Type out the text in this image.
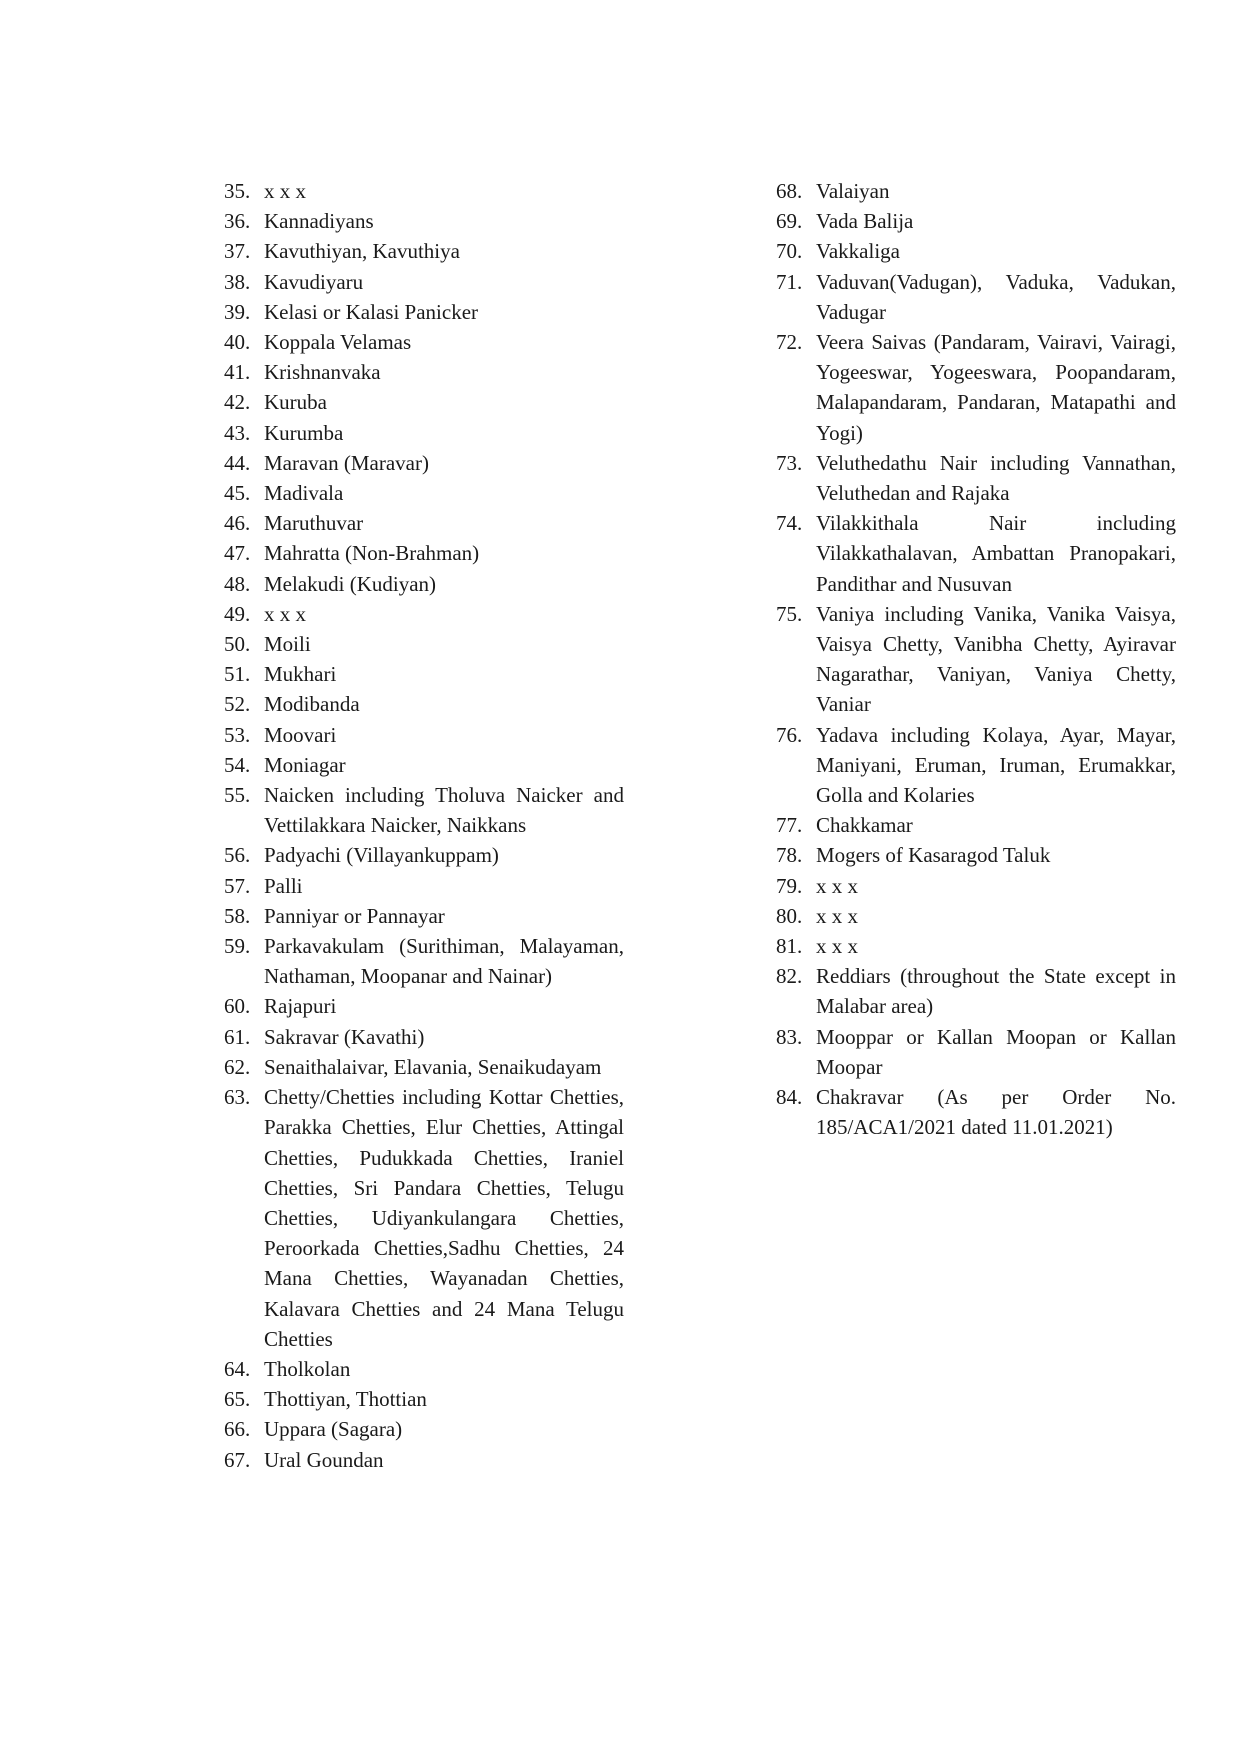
35. x x x
36. Kannadiyans
37. Kavuthiyan, Kavuthiya
38. Kavudiyaru
39. Kelasi or Kalasi Panicker
40. Koppala Velamas
41. Krishnanvaka
42. Kuruba
43. Kurumba
44. Maravan (Maravar)
45. Madivala
46. Maruthuvar
47. Mahratta (Non-Brahman)
48. Melakudi (Kudiyan)
49. x x x
50. Moili
51. Mukhari
52. Modibanda
53. Moovari
54. Moniagar
55. Naicken including Tholuva Naicker and Vettilakkara Naicker, Naikkans
56. Padyachi (Villayankuppam)
57. Palli
58. Panniyar or Pannayar
59. Parkavakulam (Surithiman, Malayaman, Nathaman, Moopanar and Nainar)
60. Rajapuri
61. Sakravar (Kavathi)
62. Senaithalaivar, Elavania, Senaikudayam
63. Chetty/Chetties including Kottar Chetties, Parakka Chetties, Elur Chetties, Attingal Chetties, Pudukkada Chetties, Iraniel Chetties, Sri Pandara Chetties, Telugu Chetties, Udiyankulangara Chetties, Peroorkada Chetties,Sadhu Chetties, 24 Mana Chetties, Wayanadan Chetties, Kalavara Chetties and 24 Mana Telugu Chetties
64. Tholkolan
65. Thottiyan, Thottian
66. Uppara (Sagara)
67. Ural Goundan
68. Valaiyan
69. Vada Balija
70. Vakkaliga
71. Vaduvan(Vadugan), Vaduka, Vadukan, Vadugar
72. Veera Saivas (Pandaram, Vairavi, Vairagi, Yogeeswar, Yogeeswara, Poopandaram, Malapandaram, Pandaran, Matapathi and Yogi)
73. Veluthedathu Nair including Vannathan, Veluthedan and Rajaka
74. Vilakkithala Nair including Vilakkathalavan, Ambattan Pranopakari, Pandithar and Nusuvan
75. Vaniya including Vanika, Vanika Vaisya, Vaisya Chetty, Vanibha Chetty, Ayiravar Nagarathar, Vaniyan, Vaniya Chetty, Vaniar
76. Yadava including Kolaya, Ayar, Mayar, Maniyani, Eruman, Iruman, Erumakkar, Golla and Kolaries
77. Chakkamar
78. Mogers of Kasaragod Taluk
79. x x x
80. x x x
81. x x x
82. Reddiars (throughout the State except in Malabar area)
83. Mooppar or Kallan Moopan or Kallan Moopar
84. Chakravar (As per Order No. 185/ACA1/2021 dated 11.01.2021)
